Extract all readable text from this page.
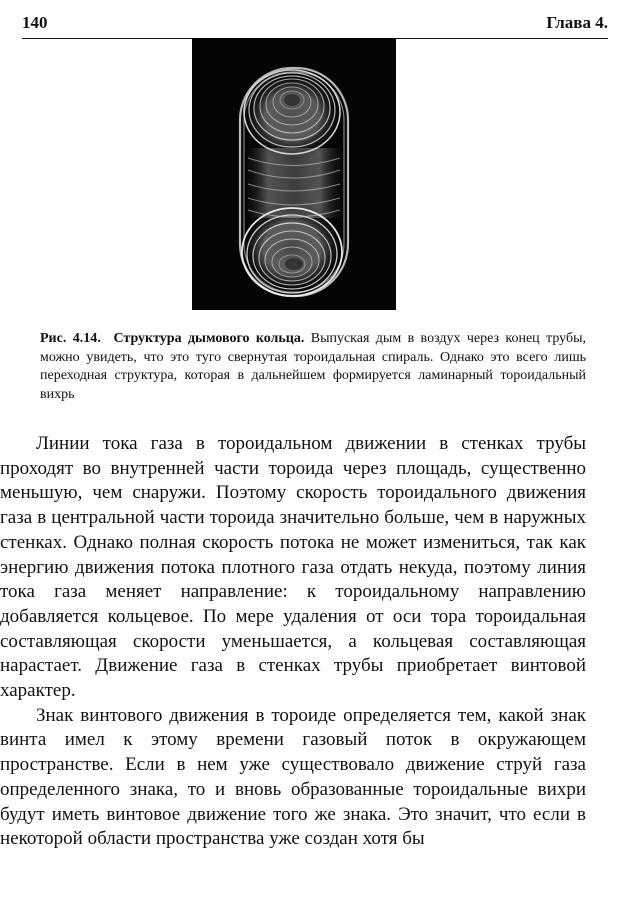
140	Глава 4.
Рис. 4.14. Структура дымового кольца. Выпуская дым в воздух через конец трубы, можно увидеть, что это туго свернутая тороидальная спираль. Однако это всего лишь переходная структура, которая в дальнейшем формируется ламинарный тороидальный вихрь

Линии тока газа в тороидальном движении в стенках трубы проходят во внутренней части тороида через площадь, существенно меньшую, чем снаружи. Поэтому скорость тороидального движения газа в центральной части тороида значительно больше, чем в наружных стенках. Однако полная скорость потока не может измениться, так как энергию движения потока плотного газа отдать некуда, поэтому линия тока газа меняет направление: к тороидальному направлению добавляется кольцевое. По мере удаления от оси тора тороидальная составляющая скорости уменьшается, а кольцевая составляющая нарастает. Движение газа в стенках трубы приобретает винтовой характер.

Знак винтового движения в тороиде определяется тем, какой знак винта имел к этому времени газовый поток в окружающем пространстве. Если в нем уже существовало движение струй газа определенного знака, то и вновь образованные тороидальные вихри будут иметь винтовое движение того же знака. Это значит, что если в некоторой области пространства уже создан хотя бы
